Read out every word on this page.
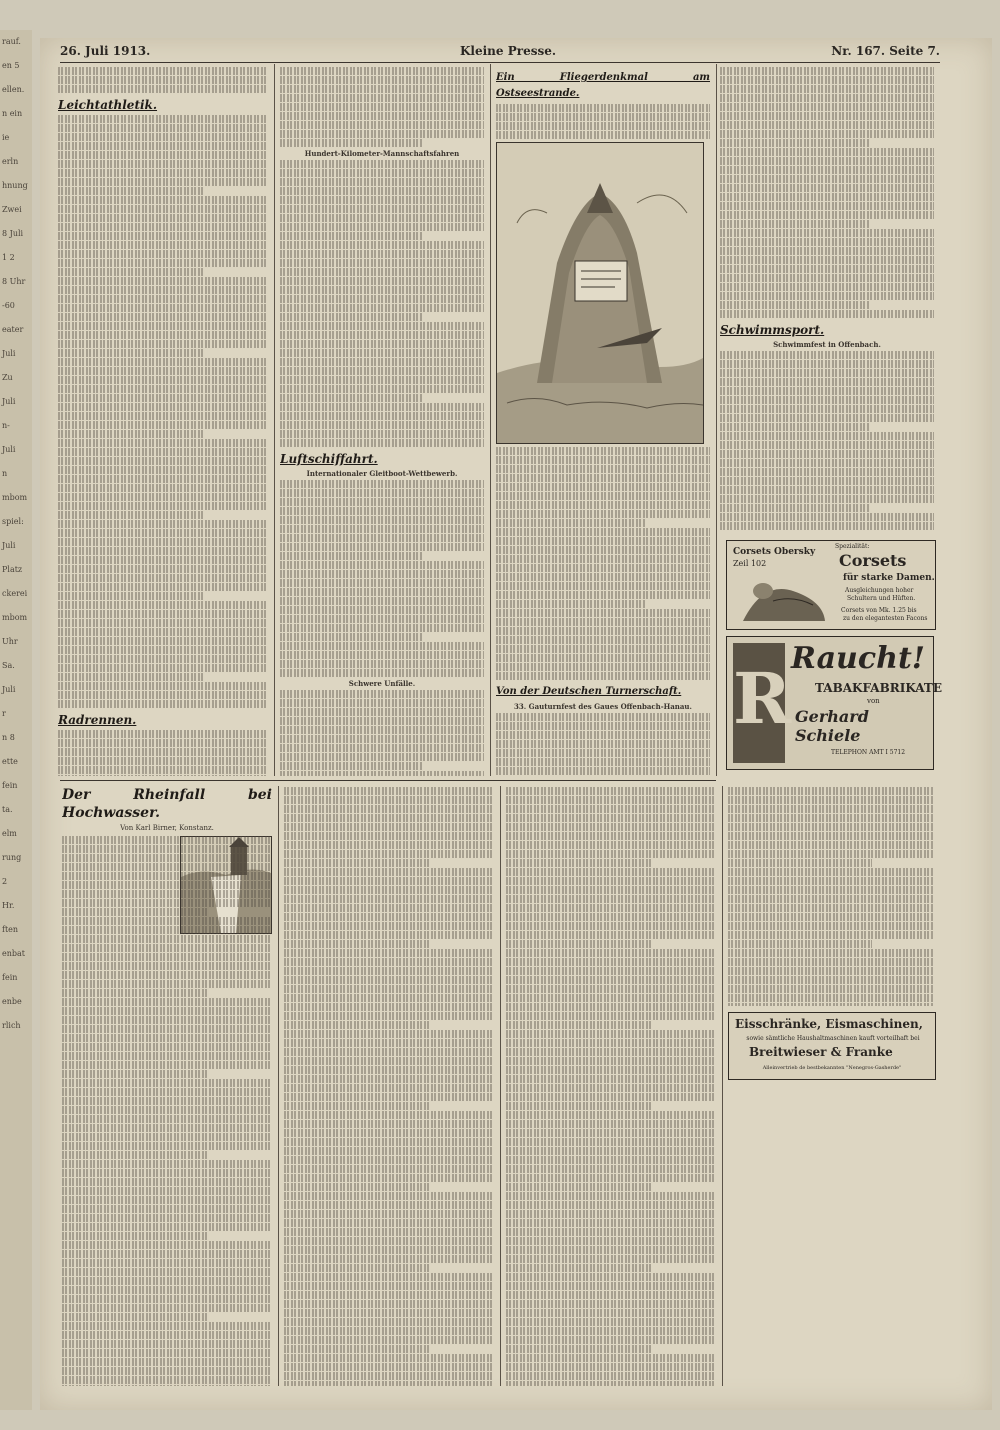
rauf.
en 5
ellen.
n ein
ie
erln
hnung
Zwei
8 Juli
1 2
8 Uhr
-60
eater
Juli
Zu
Juli
n-
Juli
n
mbom
spiel:
Juli
Platz
ckerei
mbom
Uhr
Sa.
Juli
r
n 8
ette
fein
ta.
elm
rung
2
Hr.
ften
enbat
fein
enbe
rlich
26. Juli 1913.	Kleine Presse.	Nr. 167. Seite 7.
Leichtathletik.
Radrennen.
Hundert-Kilometer-Mannschaftsfahren
Luftschiffahrt.
Internationaler Gleitboot-Wettbewerb.
Schwere Unfälle.
Ein Fliegerdenkmal am Ostseestrande.
Von der Deutschen Turnerschaft.
33. Gauturnfest des Gaues Offenbach-Hanau.
Schwimmsport.
Schwimmfest in Offenbach.
Corsets Obersky
Zeil 102
Spezialität:
Corsets
für starke Damen.
Ausgleichungen hoher
Schultern und Hüften.
Corsets von Mk. 1.25 bis
zu den elegantesten Facons
R Raucht!
TABAKFABRIKATE
von
Gerhard Schiele
TELEPHON AMT I 5712
Der Rheinfall bei Hochwasser.
Von Karl Birner, Konstanz.
Eisschränke, Eismaschinen,
sowie sämtliche Haushaltmaschinen kauft vorteilhaft bei
Breitwieser & Franke
Alleinvertrieb de bestbekannten "Nenegros-Gasherde"
